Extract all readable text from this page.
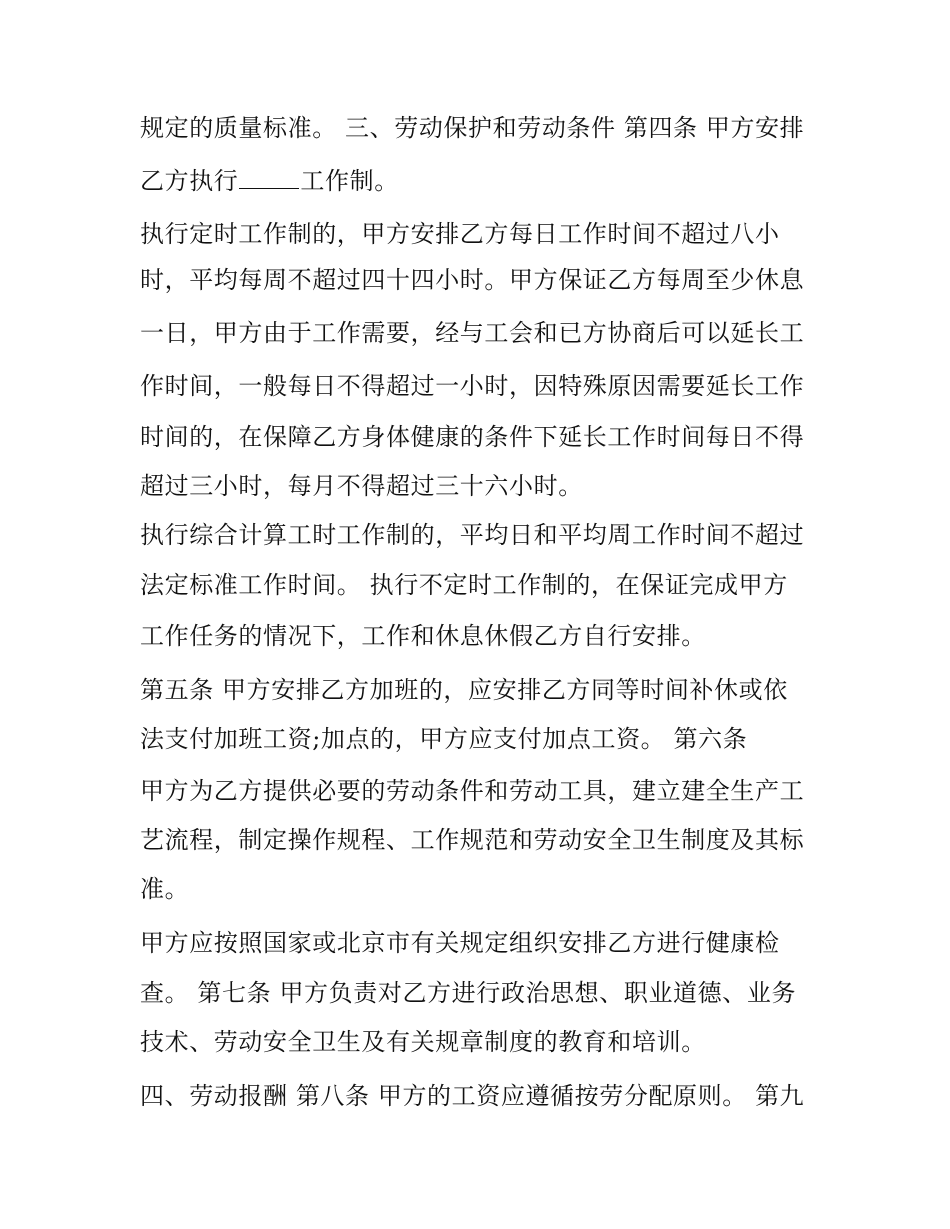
规定的质量标准。 三、劳动保护和劳动条件 第四条 甲方安排
乙方执行	工作制。
执行定时工作制的，甲方安排乙方每日工作时间不超过八小
时，平均每周不超过四十四小时。甲方保证乙方每周至少休息
一日，甲方由于工作需要，经与工会和已方协商后可以延长工
作时间，一般每日不得超过一小时，因特殊原因需要延长工作
时间的，在保障乙方身体健康的条件下延长工作时间每日不得
超过三小时，每月不得超过三十六小时。
执行综合计算工时工作制的，平均日和平均周工作时间不超过
法定标准工作时间。 执行不定时工作制的，在保证完成甲方
工作任务的情况下，工作和休息休假乙方自行安排。
第五条 甲方安排乙方加班的，应安排乙方同等时间补休或依
法支付加班工资;加点的，甲方应支付加点工资。 第六条
甲方为乙方提供必要的劳动条件和劳动工具，建立建全生产工
艺流程，制定操作规程、工作规范和劳动安全卫生制度及其标
准。
甲方应按照国家或北京市有关规定组织安排乙方进行健康检
查。 第七条 甲方负责对乙方进行政治思想、职业道德、业务
技术、劳动安全卫生及有关规章制度的教育和培训。
四、劳动报酬 第八条 甲方的工资应遵循按劳分配原则。 第九
